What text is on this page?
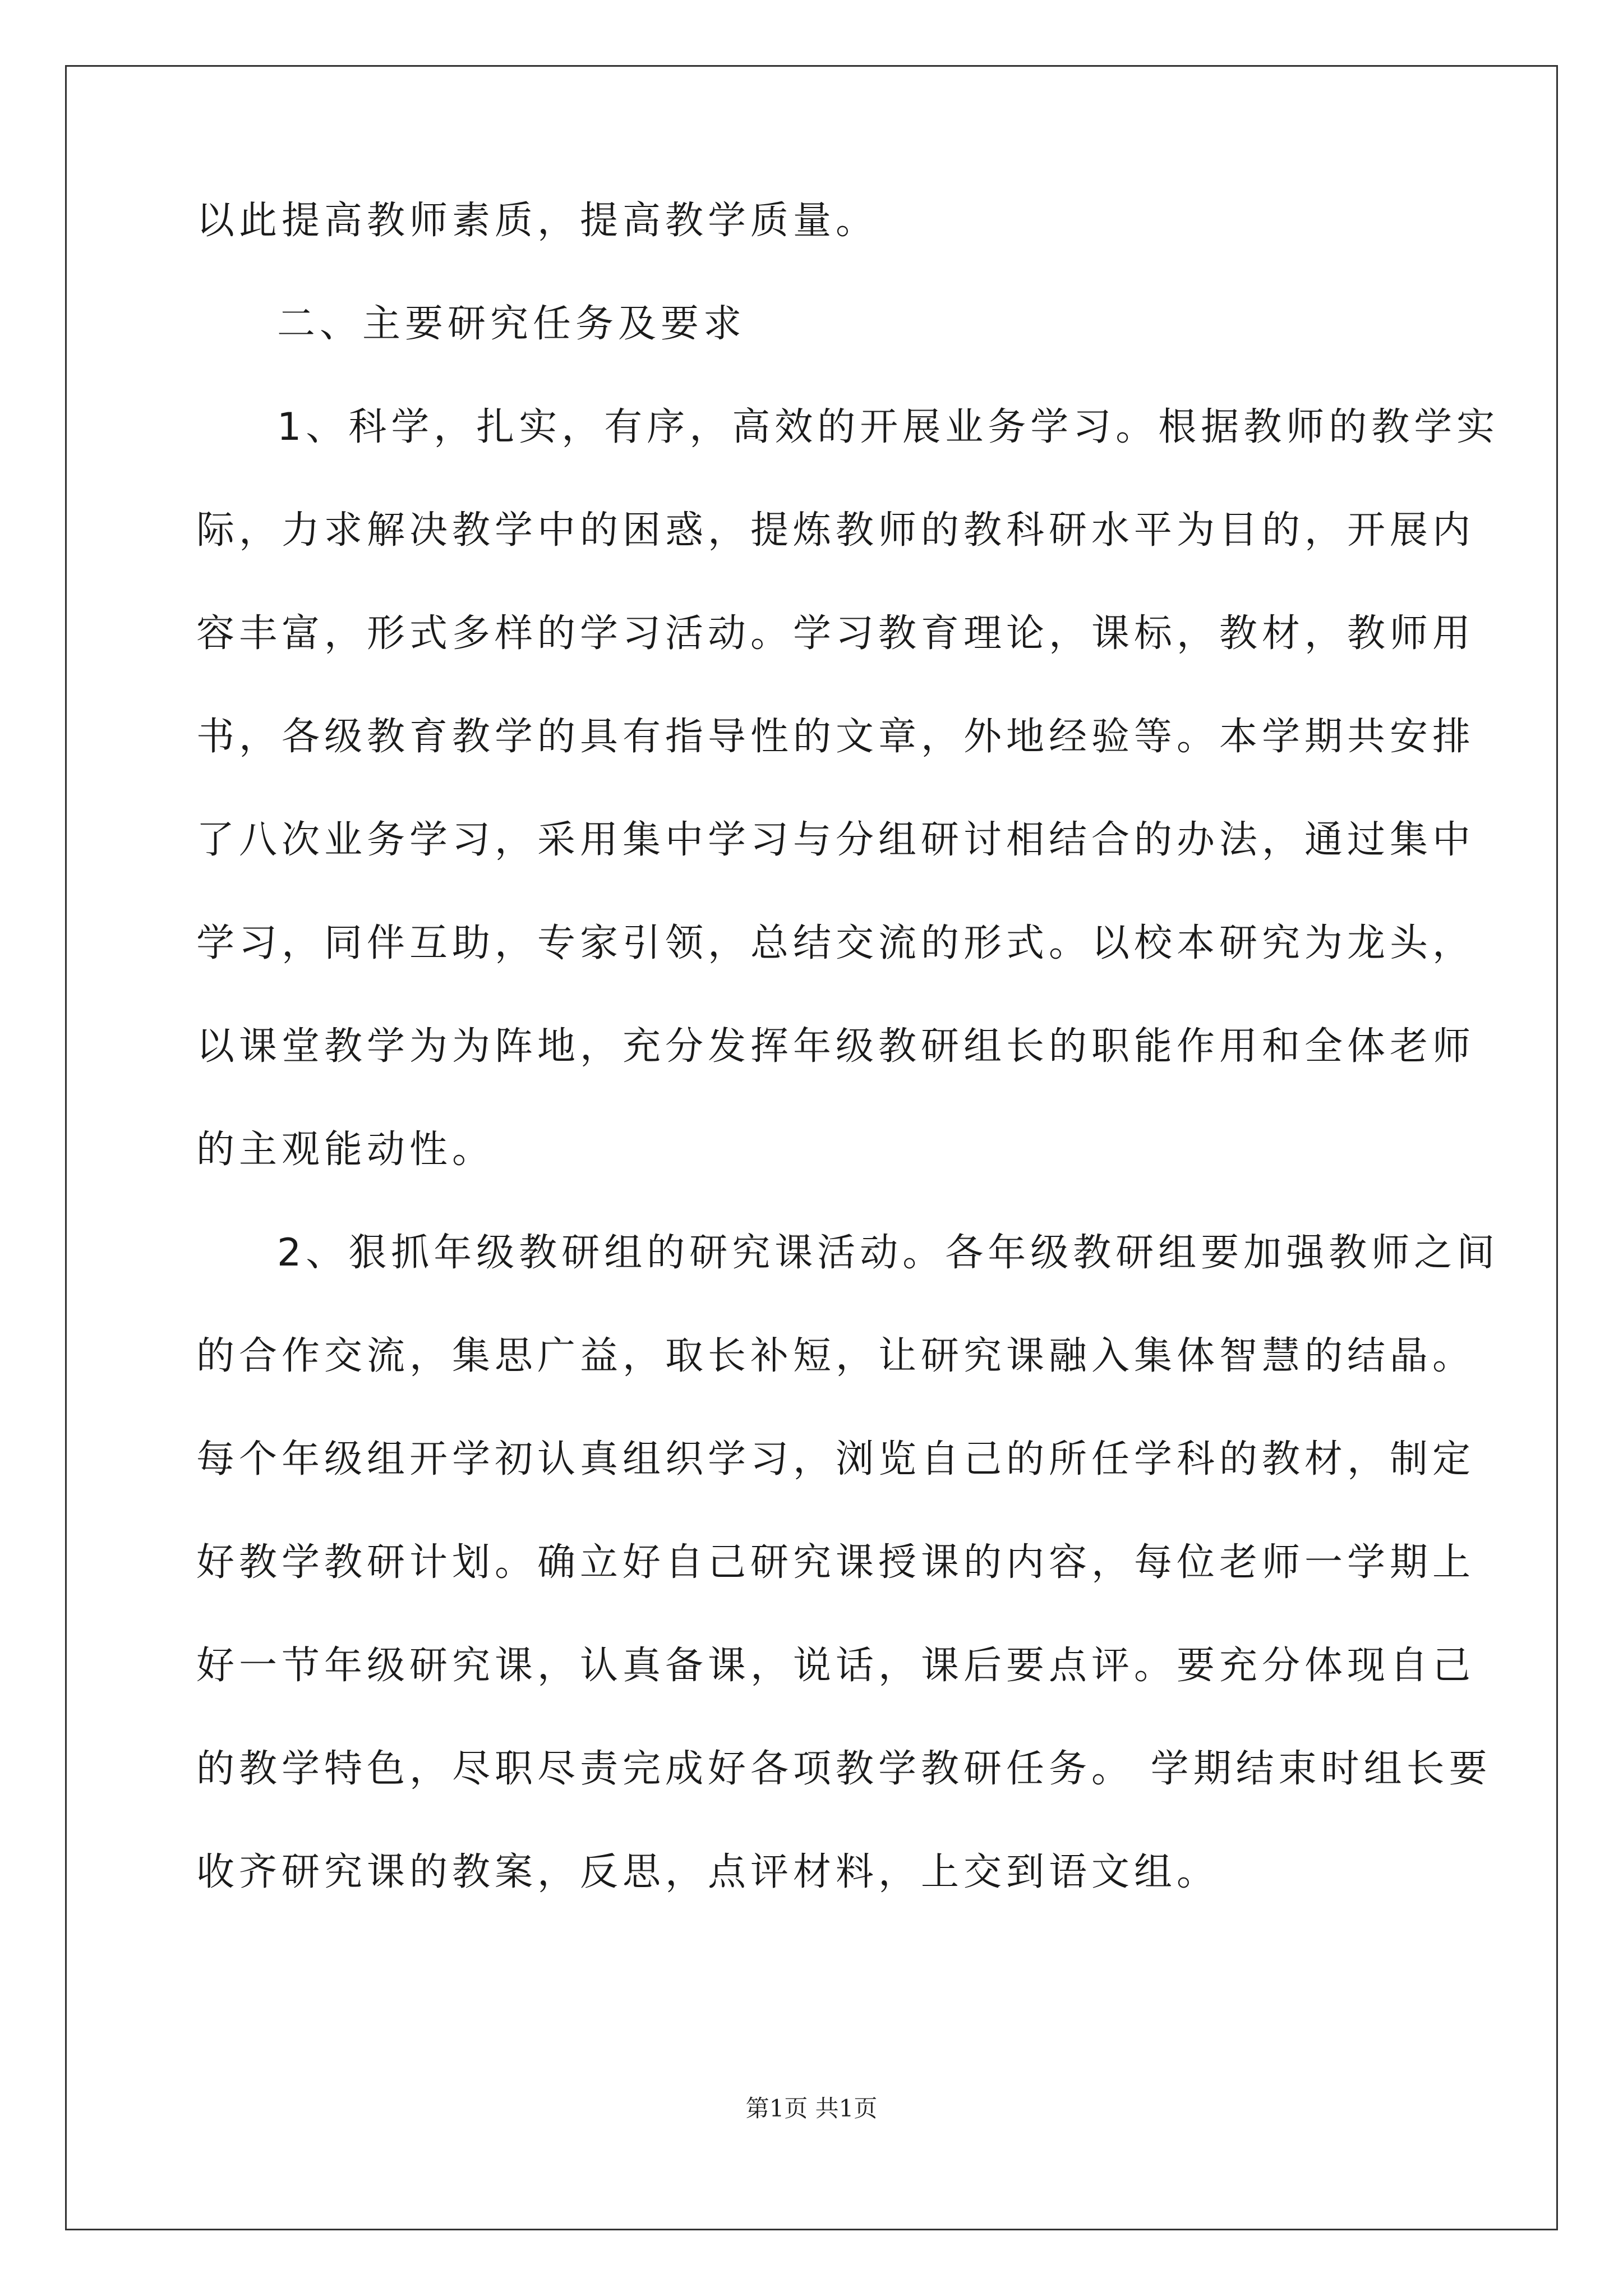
以此提高教师素质，提高教学质量。
二、主要研究任务及要求
1、科学，扎实，有序，高效的开展业务学习。根据教师的教学实
际，力求解决教学中的困惑，提炼教师的教科研水平为目的，开展内
容丰富，形式多样的学习活动。学习教育理论，课标，教材，教师用
书，各级教育教学的具有指导性的文章，外地经验等。本学期共安排
了八次业务学习，采用集中学习与分组研讨相结合的办法，通过集中
学习，同伴互助，专家引领，总结交流的形式。以校本研究为龙头，
以课堂教学为为阵地，充分发挥年级教研组长的职能作用和全体老师
的主观能动性。
2、狠抓年级教研组的研究课活动。各年级教研组要加强教师之间
的合作交流，集思广益，取长补短，让研究课融入集体智慧的结晶。
每个年级组开学初认真组织学习，浏览自己的所任学科的教材，制定
好教学教研计划。确立好自己研究课授课的内容，每位老师一学期上
好一节年级研究课，认真备课，说话，课后要点评。要充分体现自己
的教学特色，尽职尽责完成好各项教学教研任务。 学期结束时组长要
收齐研究课的教案，反思，点评材料，上交到语文组。
第1页 共1页
